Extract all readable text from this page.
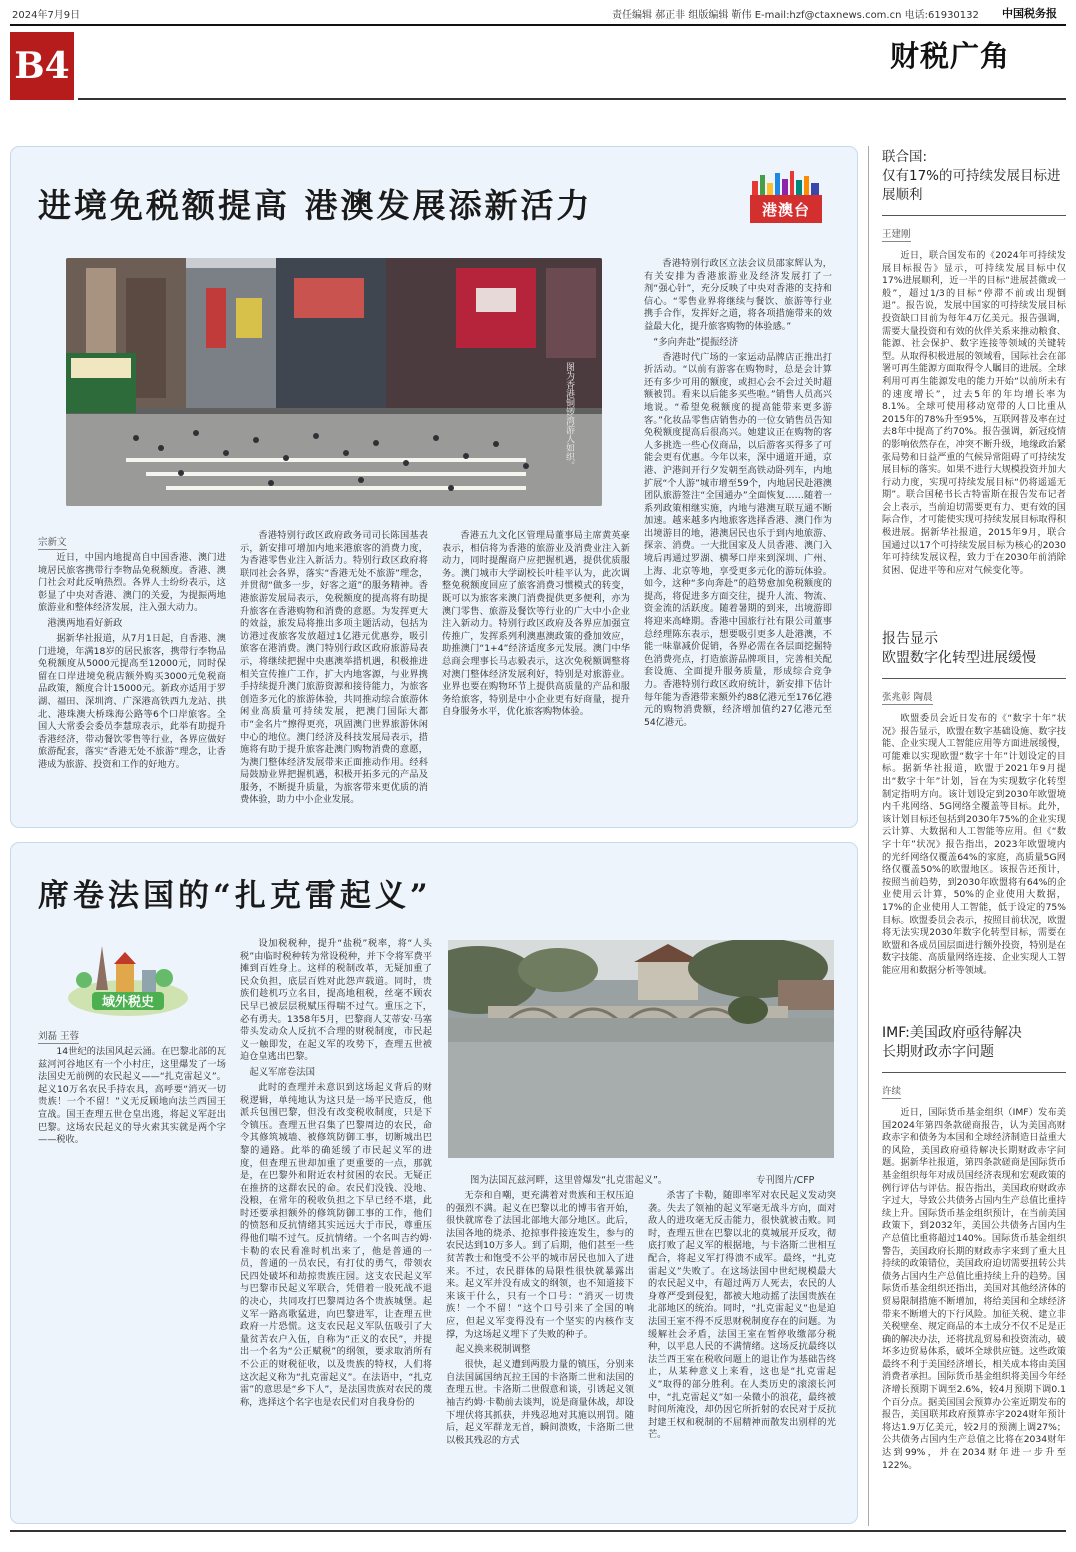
2024年7月9日	责任编辑 郝正非 组版编辑 靳伟 E-mail:hzf@ctaxnews.com.cn 电话:61930132 中国税务报
B4	财税广角
进境免税额提高 港澳发展添新活力	港澳台
图为香港铜锣湾游人如织。
宗新文

近日，中国内地提高自中国香港、澳门进境居民旅客携带行李物品免税额度。香港、澳门社会对此反响热烈。各界人士纷纷表示，这彰显了中央对香港、澳门的关爱，为提振两地旅游业和整体经济发展，注入强大动力。

港澳两地看好新政

据新华社报道，从7月1日起，自香港、澳门进境，年满18岁的居民旅客，携带行李物品免税额度从5000元提高至12000元，同时保留在口岸进境免税店额外购买3000元免税商品政策，额度合计15000元。新政亦适用于罗湖、福田、深圳湾、广深港高铁西九龙站、拱北、港珠澳大桥珠海公路等6个口岸旅客。全国人大常委会委员李慧琼表示，此举有助提升香港经济，带动餐饮零售等行业，各界应做好旅游配套，落实“香港无处不旅游”理念，让香港成为旅游、投资和工作的好地方。

香港特别行政区政府政务司司长陈国基表示，新安排可增加内地来港旅客的消费力度，为香港零售业注入新活力。特别行政区政府将联同社会各界，落实“香港无处不旅游”理念，并贯彻“做多一步，好客之道”的服务精神。香港旅游发展局表示，免税额度的提高将有助提升旅客在香港购物和消费的意愿。为发挥更大的效益，旅发局将推出多项主题活动，包括为访港过夜旅客发放超过1亿港元优惠券，吸引旅客在港消费。澳门特别行政区政府旅游局表示，将继续把握中央惠澳举措机遇，积极推进相关宣传推广工作，扩大内地客源，与业界携手持续提升澳门旅游资源和接待能力，为旅客创造多元化的旅游体验，共同推动综合旅游休闲业高质量可持续发展，把澳门国际大都市“金名片”擦得更亮，巩固澳门世界旅游休闲中心的地位。澳门经济及科技发展局表示，措施将有助于提升旅客赴澳门购物消费的意愿，为澳门整体经济发展带来正面推动作用。经科局鼓励业界把握机遇，积极开拓多元的产品及服务，不断提升质量，为旅客带来更优质的消费体验，助力中小企业发展。

香港五九文化区管理局董事局主席黄英豪表示，相信将为香港的旅游业及消费业注入新动力，同时提醒商户应把握机遇，提供优质服务。澳门城市大学副校长叶桂平认为，此次调整免税额度回应了旅客消费习惯模式的转变，既可以为旅客来澳门消费提供更多便利，亦为澳门零售、旅游及餐饮等行业的广大中小企业注入新动力。特别行政区政府及各界应加强宣传推广，发挥系列利澳惠澳政策的叠加效应，助推澳门“1+4”经济适度多元发展。澳门中华总商会理事长马志毅表示，这次免税额调整将对澳门整体经济发展利好，特别是对旅游业。业界也要在购物环节上提供高质量的产品和服务给旅客，特别是中小企业更有好商量，提升自身服务水平，优化旅客购物体验。

香港特别行政区立法会议员邵家辉认为，有关安排为香港旅游业及经济发展打了一剂“强心针”，充分反映了中央对香港的支持和信心。“零售业界将继续与餐饮、旅游等行业携手合作，发挥好之道，将各项措施带来的效益最大化，提升旅客购物的体验感。”

“多向奔赴”提振经济

香港时代广场的一家运动品牌店正推出打折活动。“以前有游客在购物时，总是会计算还有多少可用的额度，或担心会不会过关时超额被罚。看来以后能多买些啦。”销售人员高兴地说。“希望免税额度的提高能带来更多游客。”化妆品零售店销售办的一位女销售员告知免税额度提高后很高兴。她建议正在购物的客人多挑选一些心仪商品，以后游客买得多了可能会更有优惠。今年以来，深中通道开通，京港、沪港间开行夕发朝至高铁动卧列车，内地扩展“个人游”城市增至59个，内地居民赴港澳团队旅游签注“全国通办”全面恢复……随着一系列政策相继实施，内地与港澳互联互通不断加速。越来越多内地旅客选择香港、澳门作为出境游目的地，港澳居民也乐于到内地旅游、探亲、消费。一大批国家及人员香港、澳门入境后再通过罗湖、横琴口岸来到深圳、广州、上海、北京等地，享受更多元化的游玩体验。如今，这种“多向奔赴”的趋势愈加免税额度的提高，将促进多方面交往，提升人流、物流、资金流的活跃度。随着暑期的到来，出境游即将迎来高峰期。香港中国旅行社有限公司董事总经理陈东表示，想要吸引更多人赴港澳，不能一味靠减价促销，各界必需在各层面挖掘特色消费亮点，打造旅游品牌项目，完善相关配套设施、全面提升服务质量，形成综合竞争力。香港特别行政区政府统计，新安排下估计每年能为香港带来额外约88亿港元至176亿港元的购物消费额，经济增加值约27亿港元至54亿港元。

席卷法国的“扎克雷起义”
域外税史
刘磊 王蓉

14世纪的法国风起云涌。在巴黎北部的瓦兹河河谷地区有一个小村庄，这里爆发了一场法国史无前例的农民起义——“扎克雷起义”。起义10万名农民手持农具，高呼要“消灭一切贵族！一个不留！”义无反顾地向法兰西国王宣战。国王查理五世仓皇出逃，将起义军赶出巴黎。这场农民起义的导火索其实就是两个字——税收。

设加税税种，提升“盐税”税率，将“人头税”由临时税种转为常设税种，并下令将军费平摊到百姓身上。这样的税制改革，无疑加重了民众负担，底层百姓对此怨声载道。同时，贵族们趁机巧立名目，提高地租税，丝毫不顾农民早已被层层税赋压得喘不过气。重压之下，必有勇夫。1358年5月，巴黎商人艾蒂安·马塞带头发动众人反抗不合理的财税制度，市民起义一触即发，在起义军的攻势下，查理五世被迫仓皇逃出巴黎。

起义军席卷法国

此时的查理并未意识到这场起义背后的财税逻辑，单纯地认为这只是一场平民造反，他派兵包围巴黎，但没有改变税收制度，只是下令镇压。查理五世召集了巴黎周边的农民，命令其修筑城墙、被修筑防御工事，切断城出巴黎的通路。此举的确延缓了市民起义军的进度，但查理五世却加重了更重要的一点，那就是，在巴黎外和附近农村贫困的农民。无疑正在推挤的这群农民的命。农民们没钱、没地、没粮，在常年的税收负担之下早已经不堪，此时还要承担额外的修筑防御工事的工作，他们的愤怒和反抗情绪其实远远大于市民，尊重压得他们喘不过气。反抗情绪。一个名叫吉约姆·卡勒的农民看准时机出来了，他是普通的一员，普通的一员农民，有打仗的勇气，带领农民四处破坏和劫掠贵族庄园。这支农民起义军与巴黎市民起义军联合，凭借着一股死战不退的决心，共同攻打巴黎周边各个贵族城堡。起义军一路高歌猛进，向巴黎进军，让查理五世政府一片恐慌。这支农民起义军队伍吸引了大量贫苦农户入伍，自称为“正义的农民”，并提出一个名为“公正赋税”的纲领，要求取消所有不公正的财税征收，以及贵族的特权，人们将这次起义称为“扎克雷起义”。在法语中，“扎克雷”的意思是“乡下人”，是法国贵族对农民的蔑称，选择这个名字也是农民们对自我身份的

图为法国瓦兹河畔，这里曾爆发“扎克雷起义”。	专刊图片/CFP

无奈和自嘲，更充满着对贵族和王权压迫的强烈不满。起义在巴黎以北的博韦省开始，很快就席卷了法国北部地大部分地区。此后，法国各地的烧杀、抢掠事件接连发生，参与的农民达到10万多人。到了后期，他们甚至一些贫苦教士和饱受不公平的城市居民也加入了进来。不过，农民群体的局限性很快就暴露出来。起义军并没有成文的纲领，也不知道接下来该干什么，只有一个口号：“消灭一切贵族！一个不留！”这个口号引来了全国的响应，但起义军变得没有一个坚实的内核作支撑，为这场起义埋下了失败的种子。

起义换来税制调整

很快，起义遭到两股力量的镇压，分别来自法国属国纳瓦拉王国的卡洛斯二世和法国的查理五世。卡洛斯二世假意和谈，引诱起义领袖吉约姆·卡勒前去谈判，说是商量休战，却设下埋伏将其抓获，并残忍地对其施以刑罚。随后，起义军群龙无首，瞬间溃败，卡洛斯二世以极其残忍的方式

杀害了卡勒，随即率军对农民起义发动突袭。失去了领袖的起义军毫无战斗方向，面对敌人的进攻毫无反击能力，很快就被击败。同时，查理五世在巴黎以北的莫城展开反攻，彻底打败了起义军的根据地，与卡洛斯二世相互配合，将起义军打得溃不成军。最终，“扎克雷起义”失败了。在这场法国中世纪规模最大的农民起义中，有超过两万人死去，农民的人身尊严受到侵犯，都被大地动摇了法国贵族在北部地区的统治。同时，“扎克雷起义”也是迫法国王室不得不反思财税制度存在的问题。为缓解社会矛盾，法国王室在暂停收缴部分税种，以平息人民的不满情绪。这场反抗最终以法兰西王室在税收问题上的退让作为基础告终止，从某种意义上来看，这也是“扎克雷起义”取得的部分胜利。在人类历史的滚滚长河中，“扎克雷起义”如一朵微小的浪花，最终被时间所淹没，却仍因它所折射的农民对于反抗封建王权和税制的不屈精神而散发出别样的光芒。

联合国:
仅有17%的可持续发展目标进展顺利
王建刚

近日，联合国发布的《2024年可持续发展目标报告》显示，可持续发展目标中仅17%进展顺利，近一半的目标“进展甚微或一般”，超过1/3的目标“停滞不前或出现倒退”。报告说，发展中国家的可持续发展目标投资缺口目前为每年4万亿美元。报告强调，需要大量投资和有效的伙伴关系来推动粮食、能源、社会保护、数字连接等领域的关键转型。从取得积极进展的领域看，国际社会在部署可再生能源方面取得令人瞩目的进展。全球利用可再生能源发电的能力开始“以前所未有的速度增长”，过去5年的年均增长率为8.1%。全球可使用移动宽带的人口比重从2015年的78%升至95%，互联网普及率在过去8年中提高了约70%。报告强调，新冠疫情的影响依然存在，冲突不断升级，地缘政治紧张局势和日益严重的气候异常阻碍了可持续发展目标的落实。如果不进行大规模投资并加大行动力度，实现可持续发展目标“仍将遥遥无期”。联合国秘书长古特雷斯在报告发布记者会上表示，当前迫切需要更有力、更有效的国际合作，才可能使实现可持续发展目标取得积极进展。据新华社报道，2015年9月，联合国通过以17个可持续发展目标为核心的2030年可持续发展议程，致力于在2030年前消除贫困、促进平等和应对气候变化等。

报告显示
欧盟数字化转型进展缓慢
张兆彰 陶晨

欧盟委员会近日发布的《“数字十年”状况》报告显示，欧盟在数字基础设施、数字技能、企业实现人工智能应用等方面进展缓慢，可能难以实现欧盟“数字十年”计划设定的目标。据新华社报道，欧盟于2021年9月提出“数字十年”计划，旨在为实现数字化转型制定指明方向。该计划设定到2030年欧盟境内千兆网络、5G网络全覆盖等目标。此外，该计划目标还包括到2030年75%的企业实现云计算、大数据和人工智能等应用。但《“数字十年”状况》报告指出，2023年欧盟境内的光纤网络仅覆盖64%的家庭，高质量5G网络仅覆盖50%的欧盟地区。该报告还预计，按照当前趋势，到2030年欧盟将有64%的企业使用云计算，50%的企业使用大数据，17%的企业使用人工智能，低于设定的75%目标。欧盟委员会表示，按照目前状况，欧盟将无法实现2030年数字化转型目标，需要在欧盟和各成员国层面进行额外投资，特别是在数字技能、高质量网络连接、企业实现人工智能应用和数据分析等领域。

IMF:美国政府亟待解决
长期财政赤字问题
许续

近日，国际货币基金组织（IMF）发布美国2024年第四条款磋商报告，认为美国高财政赤字和债务为本国和全球经济制造日益重大的风险，美国政府亟待解决长期财政赤字问题。据新华社报道，第四条款磋商是国际货币基金组织每年对成员国经济表现和宏观政策的例行评估与评估。报告指出，美国政府财政赤字过大，导致公共债务占国内生产总值比重持续上升。国际货币基金组织预计，在当前美国政策下，到2032年，美国公共债务占国内生产总值比重将超过140%。国际货币基金组织警告，美国政府长期的财政赤字来到了重大且持续的政策错位，美国政府迫切需要扭转公共债务占国内生产总值比重持续上升的趋势。国际货币基金组织还指出，美国对其他经济体的贸易限制措施不断增加，将给美国和全球经济带来不断增大的下行风险。加征关税、建立非关税壁垒、规定商品的本土成分不仅不足是正确的解决办法，还将扰乱贸易和投资流动，破坏多边贸易体系，破坏全球供应链。这些政策最终不利于美国经济增长，相关成本将由美国消费者承担。国际货币基金组织将美国今年经济增长预期下调至2.6%，较4月预期下调0.1个百分点。据美国国会预算办公室近期发布的报告，美国联邦政府预算赤字2024财年预计将达1.9万亿美元，较2月的预测上调27%；公共债务占国内生产总值之比将在2034财年达到99%，并在2034财年进一步升至122%。
